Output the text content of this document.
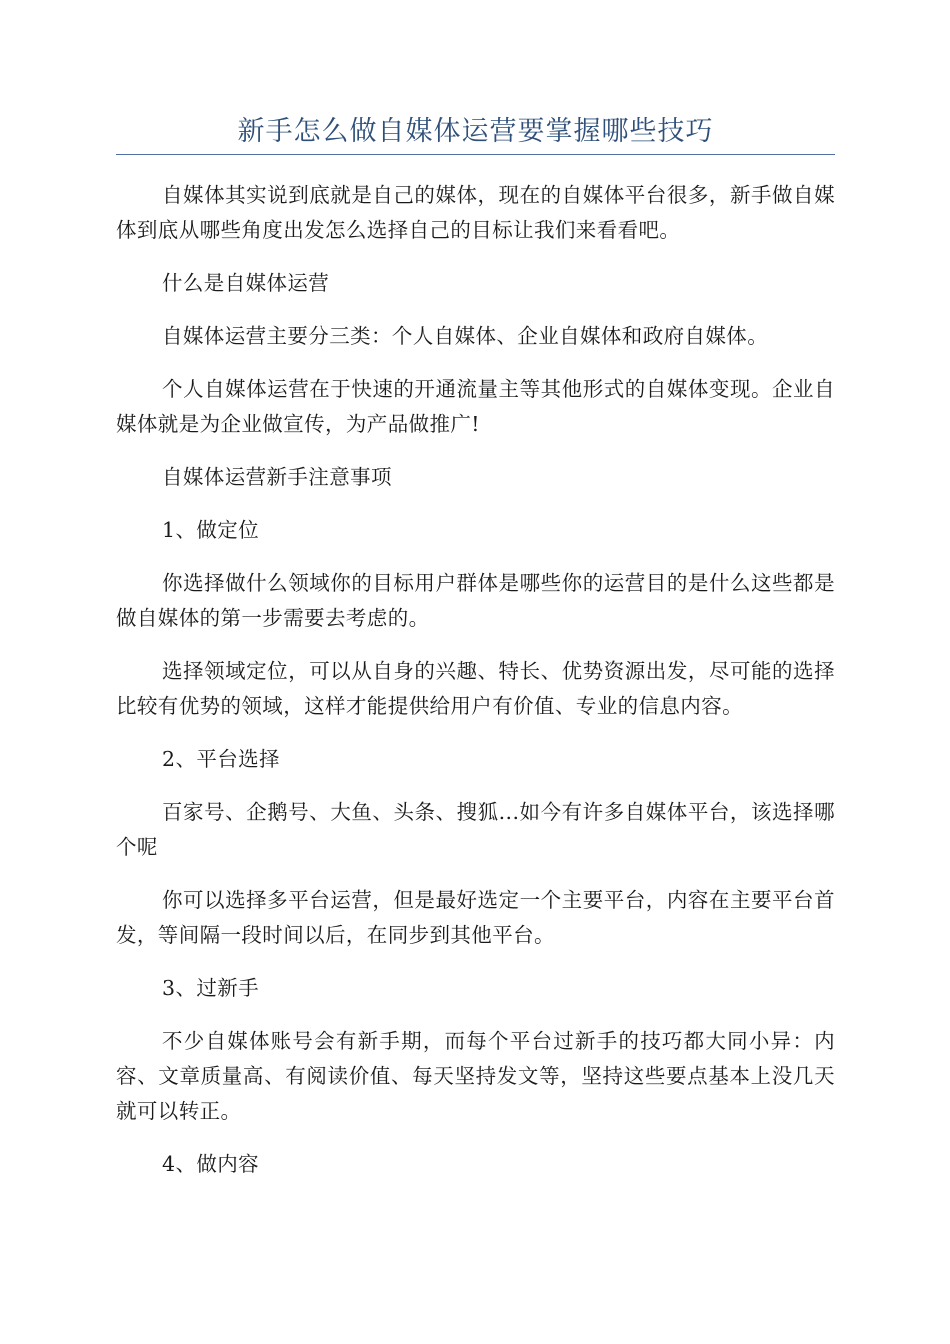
新手怎么做自媒体运营要掌握哪些技巧

自媒体其实说到底就是自己的媒体，现在的自媒体平台很多，新手做自媒体到底从哪些角度出发怎么选择自己的目标让我们来看看吧。

什么是自媒体运营

自媒体运营主要分三类：个人自媒体、企业自媒体和政府自媒体。

个人自媒体运营在于快速的开通流量主等其他形式的自媒体变现。企业自媒体就是为企业做宣传，为产品做推广!

自媒体运营新手注意事项

1、做定位

你选择做什么领域你的目标用户群体是哪些你的运营目的是什么这些都是做自媒体的第一步需要去考虑的。

选择领域定位，可以从自身的兴趣、特长、优势资源出发，尽可能的选择比较有优势的领域，这样才能提供给用户有价值、专业的信息内容。

2、平台选择

百家号、企鹅号、大鱼、头条、搜狐...如今有许多自媒体平台，该选择哪个呢

你可以选择多平台运营，但是最好选定一个主要平台，内容在主要平台首发，等间隔一段时间以后，在同步到其他平台。

3、过新手

不少自媒体账号会有新手期，而每个平台过新手的技巧都大同小异：内容、文章质量高、有阅读价值、每天坚持发文等，坚持这些要点基本上没几天就可以转正。

4、做内容
